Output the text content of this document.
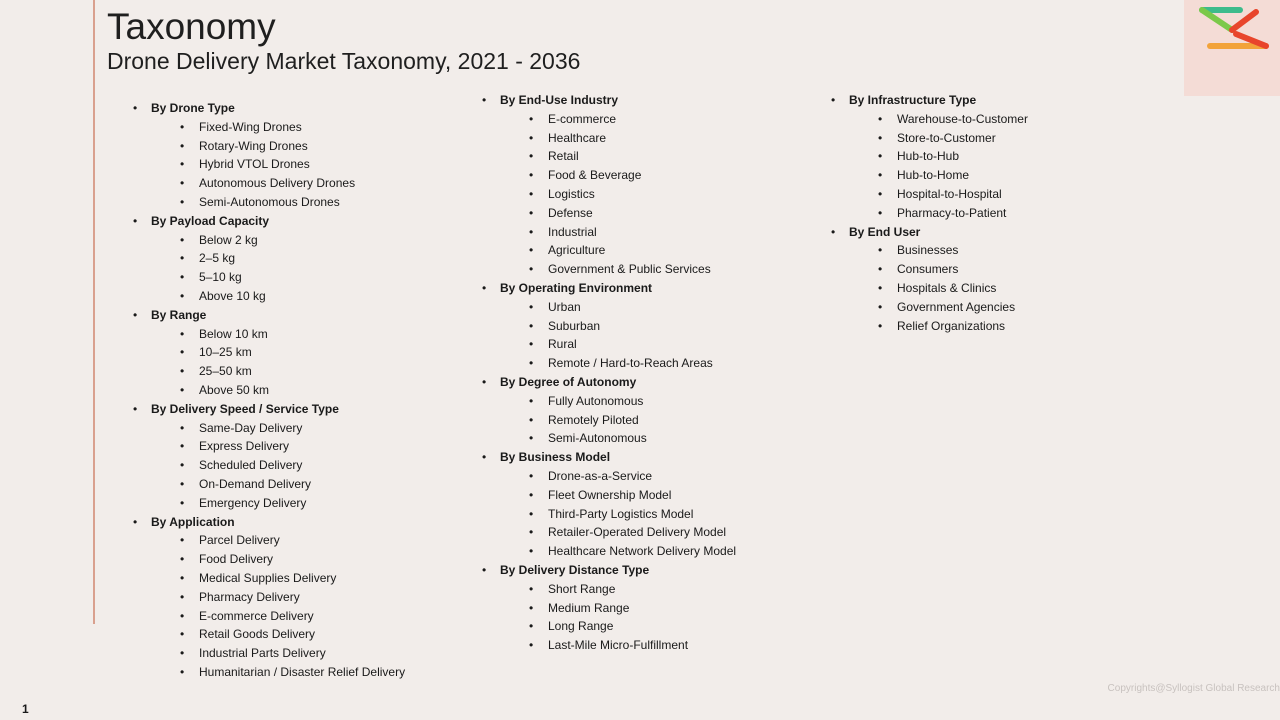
Taxonomy
Drone Delivery Market Taxonomy, 2021 - 2036
• By Drone Type
• Fixed-Wing Drones
• Rotary-Wing Drones
• Hybrid VTOL Drones
• Autonomous Delivery Drones
• Semi-Autonomous Drones
• By Payload Capacity
• Below 2 kg
• 2–5 kg
• 5–10 kg
• Above 10 kg
• By Range
• Below 10 km
• 10–25 km
• 25–50 km
• Above 50 km
• By Delivery Speed / Service Type
• Same-Day Delivery
• Express Delivery
• Scheduled Delivery
• On-Demand Delivery
• Emergency Delivery
• By Application
• Parcel Delivery
• Food Delivery
• Medical Supplies Delivery
• Pharmacy Delivery
• E-commerce Delivery
• Retail Goods Delivery
• Industrial Parts Delivery
• Humanitarian / Disaster Relief Delivery
• By End-Use Industry
• E-commerce
• Healthcare
• Retail
• Food & Beverage
• Logistics
• Defense
• Industrial
• Agriculture
• Government & Public Services
• By Operating Environment
• Urban
• Suburban
• Rural
• Remote / Hard-to-Reach Areas
• By Degree of Autonomy
• Fully Autonomous
• Remotely Piloted
• Semi-Autonomous
• By Business Model
• Drone-as-a-Service
• Fleet Ownership Model
• Third-Party Logistics Model
• Retailer-Operated Delivery Model
• Healthcare Network Delivery Model
• By Delivery Distance Type
• Short Range
• Medium Range
• Long Range
• Last-Mile Micro-Fulfillment
• By Infrastructure Type
• Warehouse-to-Customer
• Store-to-Customer
• Hub-to-Hub
• Hub-to-Home
• Hospital-to-Hospital
• Pharmacy-to-Patient
• By End User
• Businesses
• Consumers
• Hospitals & Clinics
• Government Agencies
• Relief Organizations
Copyrights@Syllogist Global Research
1
